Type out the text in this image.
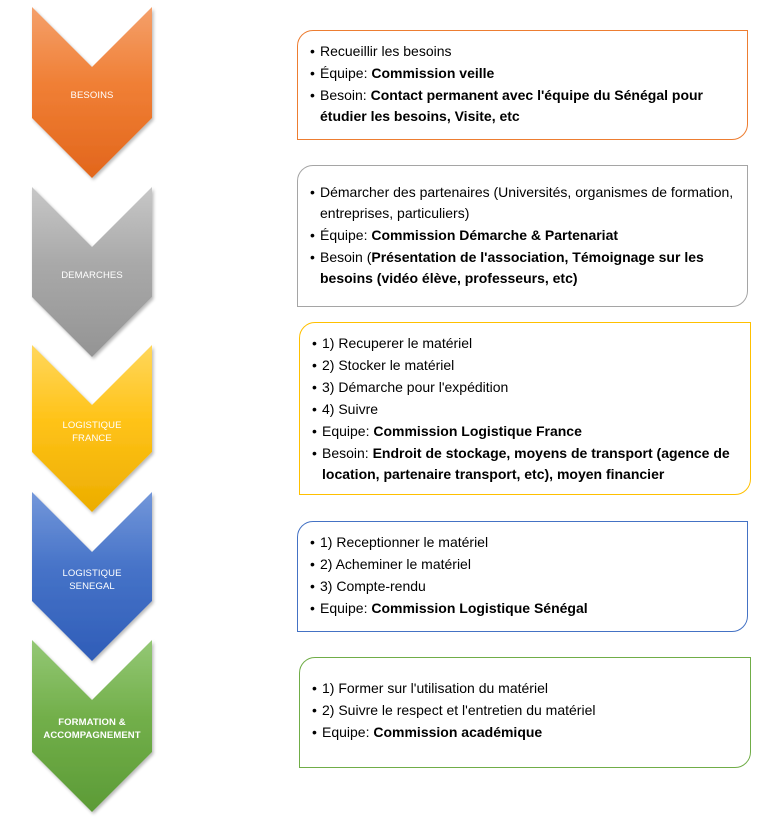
BESOINS
DEMARCHES
LOGISTIQUE
FRANCE
LOGISTIQUE
SENEGAL
FORMATION &
ACCOMPAGNEMENT
• Recueillir les besoins
• Équipe: Commission veille
• Besoin: Contact permanent avec l'équipe du Sénégal pour étudier les besoins, Visite, etc
• Démarcher des partenaires (Universités, organismes de formation, entreprises, particuliers)
• Équipe: Commission Démarche & Partenariat
• Besoin (Présentation de l'association, Témoignage sur les besoins (vidéo élève, professeurs, etc)
• 1) Recuperer le matériel
• 2) Stocker le matériel
• 3) Démarche pour l'expédition
• 4) Suivre
• Equipe: Commission Logistique France
• Besoin: Endroit de stockage, moyens de transport (agence de location, partenaire transport, etc), moyen financier
• 1) Receptionner le matériel
• 2) Acheminer le matériel
• 3) Compte-rendu
• Equipe: Commission Logistique Sénégal
• 1) Former sur l'utilisation du matériel
• 2) Suivre le respect et l'entretien du matériel
• Equipe: Commission académique
